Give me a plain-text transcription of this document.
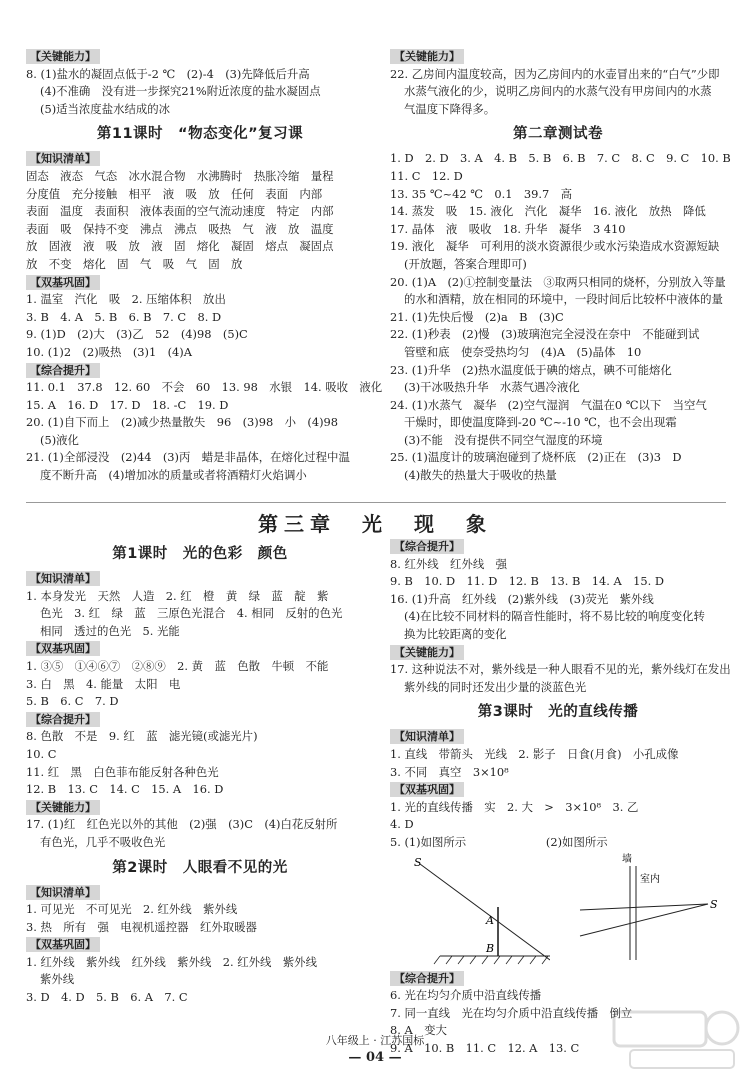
【关键能力】
8. (1)盐水的凝固点低于-2 ℃　(2)-4　(3)先降低后升高
(4)不准确　没有进一步探究21%附近浓度的盐水凝固点
(5)适当浓度盐水结成的冰
第11课时　“物态变化”复习课
【知识清单】
固态　液态　气态　冰水混合物　水沸腾时　热胀冷缩　量程
分度值　充分接触　相平　液　吸　放　任何　表面　内部
表面　温度　表面积　液体表面的空气流动速度　特定　内部
表面　吸　保持不变　沸点　沸点　吸热　气　液　放　温度
放　固液　液　吸　放　液　固　熔化　凝固　熔点　凝固点
放　不变　熔化　固　气　吸　气　固　放
【双基巩固】
1. 温室　汽化　吸　2. 压缩体积　放出
3. B　4. A　5. B　6. B　7. C　8. D
9. (1)D　(2)大　(3)乙　52　(4)98　(5)C
10. (1)2　(2)吸热　(3)1　(4)A
【综合提升】
11. 0.1　37.8　12. 60　不会　60　13. 98　水银　14. 吸收　液化
15. A　16. D　17. D　18. -C　19. D
20. (1)自下而上　(2)减少热量散失　96　(3)98　小　(4)98
(5)液化
21. (1)全部浸没　(2)44　(3)丙　蜡是非晶体，在熔化过程中温
度不断升高　(4)增加冰的质量或者将酒精灯火焰调小
【关键能力】
22. 乙房间内温度较高，因为乙房间内的水壶冒出来的“白气”少即
水蒸气液化的少，说明乙房间内的水蒸气没有甲房间内的水蒸
气温度下降得多。
第二章测试卷
1. D　2. D　3. A　4. B　5. B　6. B　7. C　8. C　9. C　10. B
11. C　12. D
13. 35 ℃~42 ℃　0.1　39.7　高
14. 蒸发　吸　15. 液化　汽化　凝华　16. 液化　放热　降低
17. 晶体　液　吸收　18. 升华　凝华　3 410
19. 液化　凝华　可利用的淡水资源很少或水污染造成水资源短缺
(开放题，答案合理即可)
20. (1)A　(2)①控制变量法　③取两只相同的烧杯，分别放入等量
的水和酒精，放在相同的环境中，一段时间后比较杯中液体的量
21. (1)先快后慢　(2)a　B　(3)C
22. (1)秒表　(2)慢　(3)玻璃泡完全浸没在奈中　不能碰到试
管壁和底　使奈受热均匀　(4)A　(5)晶体　10
23. (1)升华　(2)热水温度低于碘的熔点，碘不可能熔化
(3)干冰吸热升华　水蒸气遇冷液化
24. (1)水蒸气　凝华　(2)空气湿润　气温在0 ℃以下　当空气
干燥时，即使温度降到-20 ℃~-10 ℃，也不会出现霜
(3)不能　没有提供不同空气湿度的环境
25. (1)温度计的玻璃泡碰到了烧杯底　(2)正在　(3)3　D
(4)散失的热量大于吸收的热量
第三章　光　现　象
第1课时　光的色彩　颜色
【知识清单】
1. 本身发光　天然　人造　2. 红　橙　黄　绿　蓝　靛　紫
色光　3. 红　绿　蓝　三原色光混合　4. 相同　反射的色光
相同　透过的色光　5. 光能
【双基巩固】
1. ③⑤　①④⑥⑦　②⑧⑨　2. 黄　蓝　色散　牛顿　不能
3. 白　黑　4. 能量　太阳　电
5. B　6. C　7. D
【综合提升】
8. 色散　不是　9. 红　蓝　滤光镜(或滤光片)
10. C
11. 红　黑　白色菲布能反射各种色光
12. B　13. C　14. C　15. A　16. D
【关键能力】
17. (1)红　红色光以外的其他　(2)强　(3)C　(4)白花反射所
有色光，几乎不吸收色光
第2课时　人眼看不见的光
【知识清单】
1. 可见光　不可见光　2. 红外线　紫外线
3. 热　所有　强　电视机遥控器　红外取暖器
【双基巩固】
1. 红外线　紫外线　红外线　紫外线　2. 红外线　紫外线
紫外线
3. D　4. D　5. B　6. A　7. C
【综合提升】
8. 红外线　红外线　强
9. B　10. D　11. D　12. B　13. B　14. A　15. D
16. (1)升高　红外线　(2)紫外线　(3)荧光　紫外线
(4)在比较不同材料的隔音性能时，将不易比较的响度变化转
换为比较距离的变化
【关键能力】
17. 这种说法不对，紫外线是一种人眼看不见的光，紫外线灯在发出
紫外线的同时还发出少量的淡蓝色光
第3课时　光的直线传播
【知识清单】
1. 直线　带箭头　光线　2. 影子　日食(月食)　小孔成像
3. 不同　真空　3×10⁸
【双基巩固】
1. 光的直线传播　实　2. 大　>　3×10⁸　3. 乙
4. D
5. (1)如图所示　　　　　　　(2)如图所示
S
A
B
墙
室内
S
【综合提升】
6. 光在均匀介质中沿直线传播
7. 同一直线　光在均匀介质中沿直线传播　倒立
8. A　变大
9. A　10. B　11. C　12. A　13. C
八年级上 · 江苏国标
— 04 —
